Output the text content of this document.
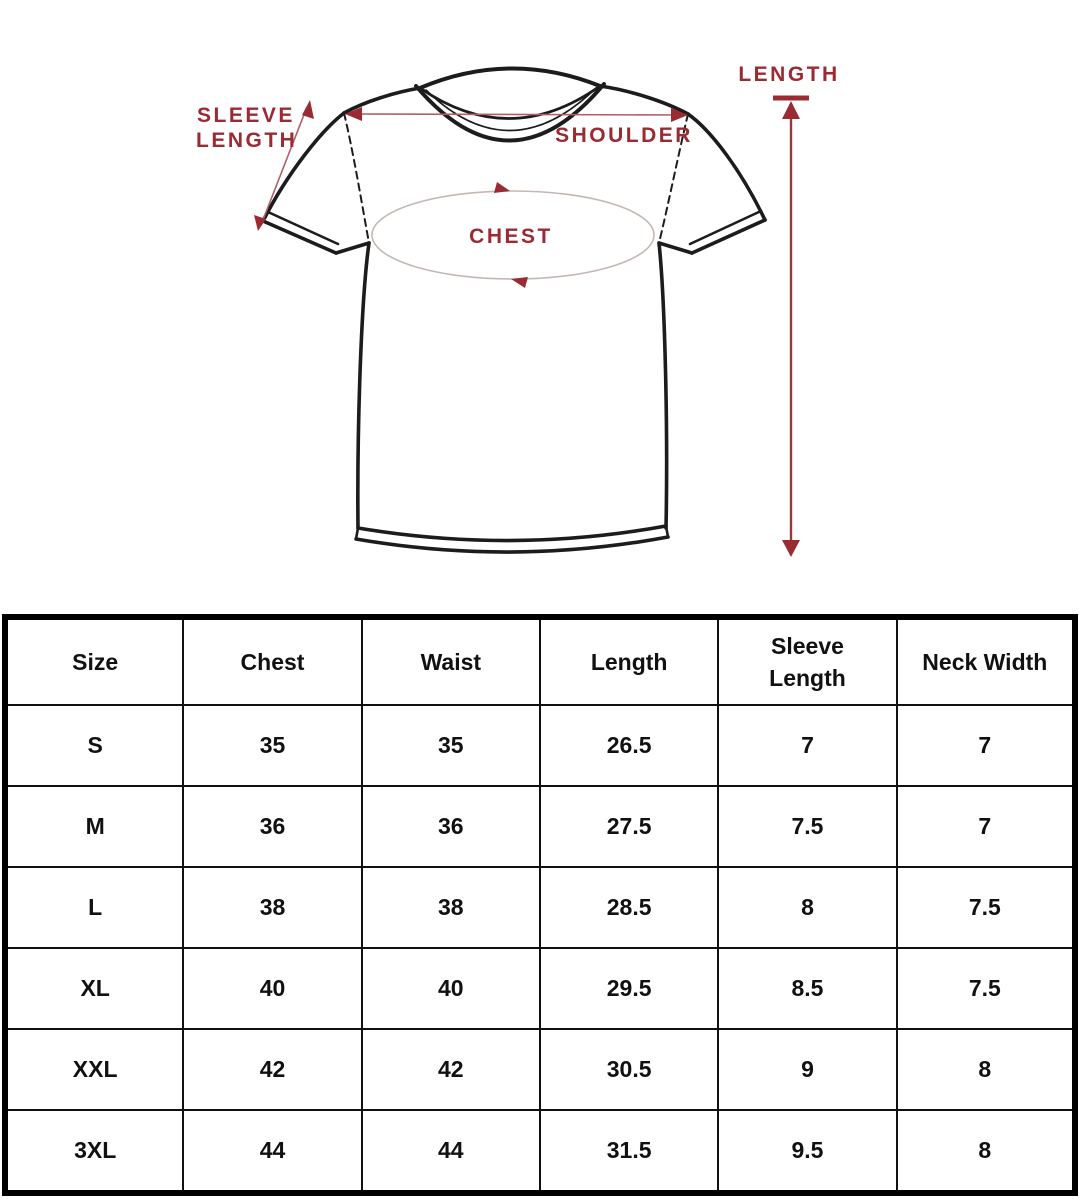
SLEEVE
LENGTH	SHOULDER
CHEST
LENGTH
Size	Chest	Waist	Length	Sleeve Length	Neck Width
S	35	35	26.5	7	7
M	36	36	27.5	7.5	7
L	38	38	28.5	8	7.5
XL	40	40	29.5	8.5	7.5
XXL	42	42	30.5	9	8
3XL	44	44	31.5	9.5	8
